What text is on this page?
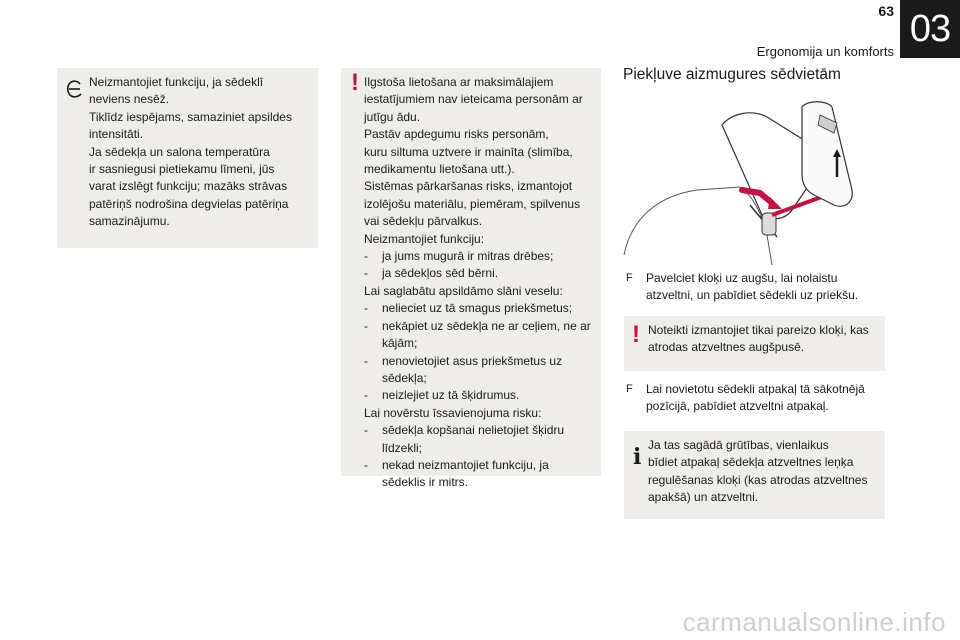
63 03
Ergonomija un komforts
Neizmantojiet funkciju, ja sēdeklī
neviens nesēž.
Tiklīdz iespējams, samaziniet apsildes
intensitāti.
Ja sēdekļa un salona temperatūra
ir sasniegusi pietiekamu līmeni, jūs
varat izslēgt funkciju; mazāks strāvas
patēriņš nodrošina degvielas patēriņa
samazinājumu.
! Ilgstoša lietošana ar maksimālajiem
iestatījumiem nav ieteicama personām ar
jutīgu ādu.
Pastāv apdegumu risks personām,
kuru siltuma uztvere ir mainīta (slimība,
medikamentu lietošana utt.).
Sistēmas pārkaršanas risks, izmantojot
izolējošu materiālu, piemēram, spilvenus
vai sēdekļu pārvalkus.
Neizmantojiet funkciju:
- ja jums mugurā ir mitras drēbes;
- ja sēdekļos sēd bērni.
Lai saglabātu apsildāmo slāni veselu:
- nelieciet uz tā smagus priekšmetus;
- nekāpiet uz sēdekļa ne ar ceļiem, ne ar
kājām;
- nenovietojiet asus priekšmetus uz
sēdekļa;
- neizlejiet uz tā šķidrumus.
Lai novērstu īssavienojuma risku:
- sēdekļa kopšanai nelietojiet šķidru
līdzekli;
- nekad neizmantojiet funkciju, ja
sēdeklis ir mitrs.
Piekļuve aizmugures sēdvietām
F	Pavelciet kloķi uz augšu, lai nolaistu
atzveltni, un pabīdiet sēdekli uz priekšu.
! Noteikti izmantojiet tikai pareizo kloķi, kas
atrodas atzveltnes augšpusē.
F	Lai novietotu sēdekli atpakaļ tā sākotnējā
pozīcijā, pabīdiet atzveltni atpakaļ.
i Ja tas sagādā grūtības, vienlaikus
bīdiet atpakaļ sēdekļa atzveltnes leņķa
regulēšanas kloķi (kas atrodas atzveltnes
apakšā) un atzveltni.
carmanualsonline.info
